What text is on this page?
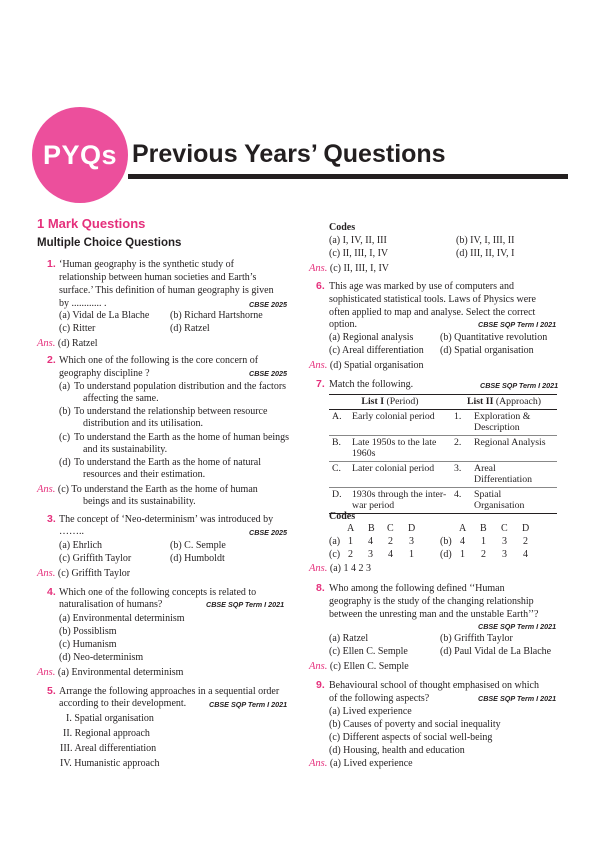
PYQs Previous Years’ Questions
1 Mark Questions
Multiple Choice Questions
1. ‘Human geography is the synthetic study of
relationship between human societies and Earth’s
surface.’ This definition of human geography is given
by ............ .	CBSE 2025
(a) Vidal de La Blache (b) Richard Hartshorne
(c) Ritter	(d) Ratzel
Ans. (d) Ratzel
2. Which one of the following is the core concern of
geography discipline ?	CBSE 2025
(a) To understand population distribution and the factors
affecting the same.
(b) To understand the relationship between resource
distribution and its utilisation.
(c) To understand the Earth as the home of human beings
and its sustainability.
(d) To understand the Earth as the home of natural
resources and their estimation.
Ans. (c) To understand the Earth as the home of human
beings and its sustainability.
3. The concept of ‘Neo-determinism’ was introduced by
……..	CBSE 2025
(a) Ehrlich	(b) C. Semple
(c) Griffith Taylor	(d) Humboldt
Ans. (c) Griffith Taylor
4. Which one of the following concepts is related to
naturalisation of humans?	CBSE SQP Term I 2021
(a) Environmental determinism
(b) Possiblism
(c) Humanism
(d) Neo-determinism
Ans. (a) Environmental determinism
5. Arrange the following approaches in a sequential order
according to their development.	CBSE SQP Term I 2021
I. Spatial organisation
II. Regional approach
III. Areal differentiation
IV. Humanistic approach
Codes
(a) I, IV, II, III	(b) IV, I, III, II
(c) II, III, I, IV	(d) III, II, IV, I
Ans. (c) II, III, I, IV
6. This age was marked by use of computers and
sophisticated statistical tools. Laws of Physics were
often applied to map and analyse. Select the correct
option.	CBSE SQP Term I 2021
(a) Regional analysis	(b) Quantitative revolution
(c) Areal differentiation (d) Spatial organisation
Ans. (d) Spatial organisation
7. Match the following.	CBSE SQP Term I 2021
List I (Period)		List II (Approach)	
A.	Early colonial period	1.	Exploration & Description
B.	Late 1950s to the late 1960s	2.	Regional Analysis
C.	Later colonial period	3.	Areal Differentiation
D.	1930s through the inter-war period	4.	Spatial Organisation
Codes
A B C D	A B C D
(a) 1 4 2 3	(b) 4 1 3 2
(c) 2 3 4 1	(d) 1 2 3 4
Ans. (a) 1 4 2 3
8. Who among the following defined ‘‘Human
geography is the study of the changing relationship
between the unresting man and the unstable Earth’’?
CBSE SQP Term I 2021
(a) Ratzel	(b) Griffith Taylor
(c) Ellen C. Semple	(d) Paul Vidal de La Blache
Ans. (c) Ellen C. Semple
9. Behavioural school of thought emphasised on which
of the following aspects?	CBSE SQP Term I 2021
(a) Lived experience
(b) Causes of poverty and social inequality
(c) Different aspects of social well-being
(d) Housing, health and education
Ans. (a) Lived experience
